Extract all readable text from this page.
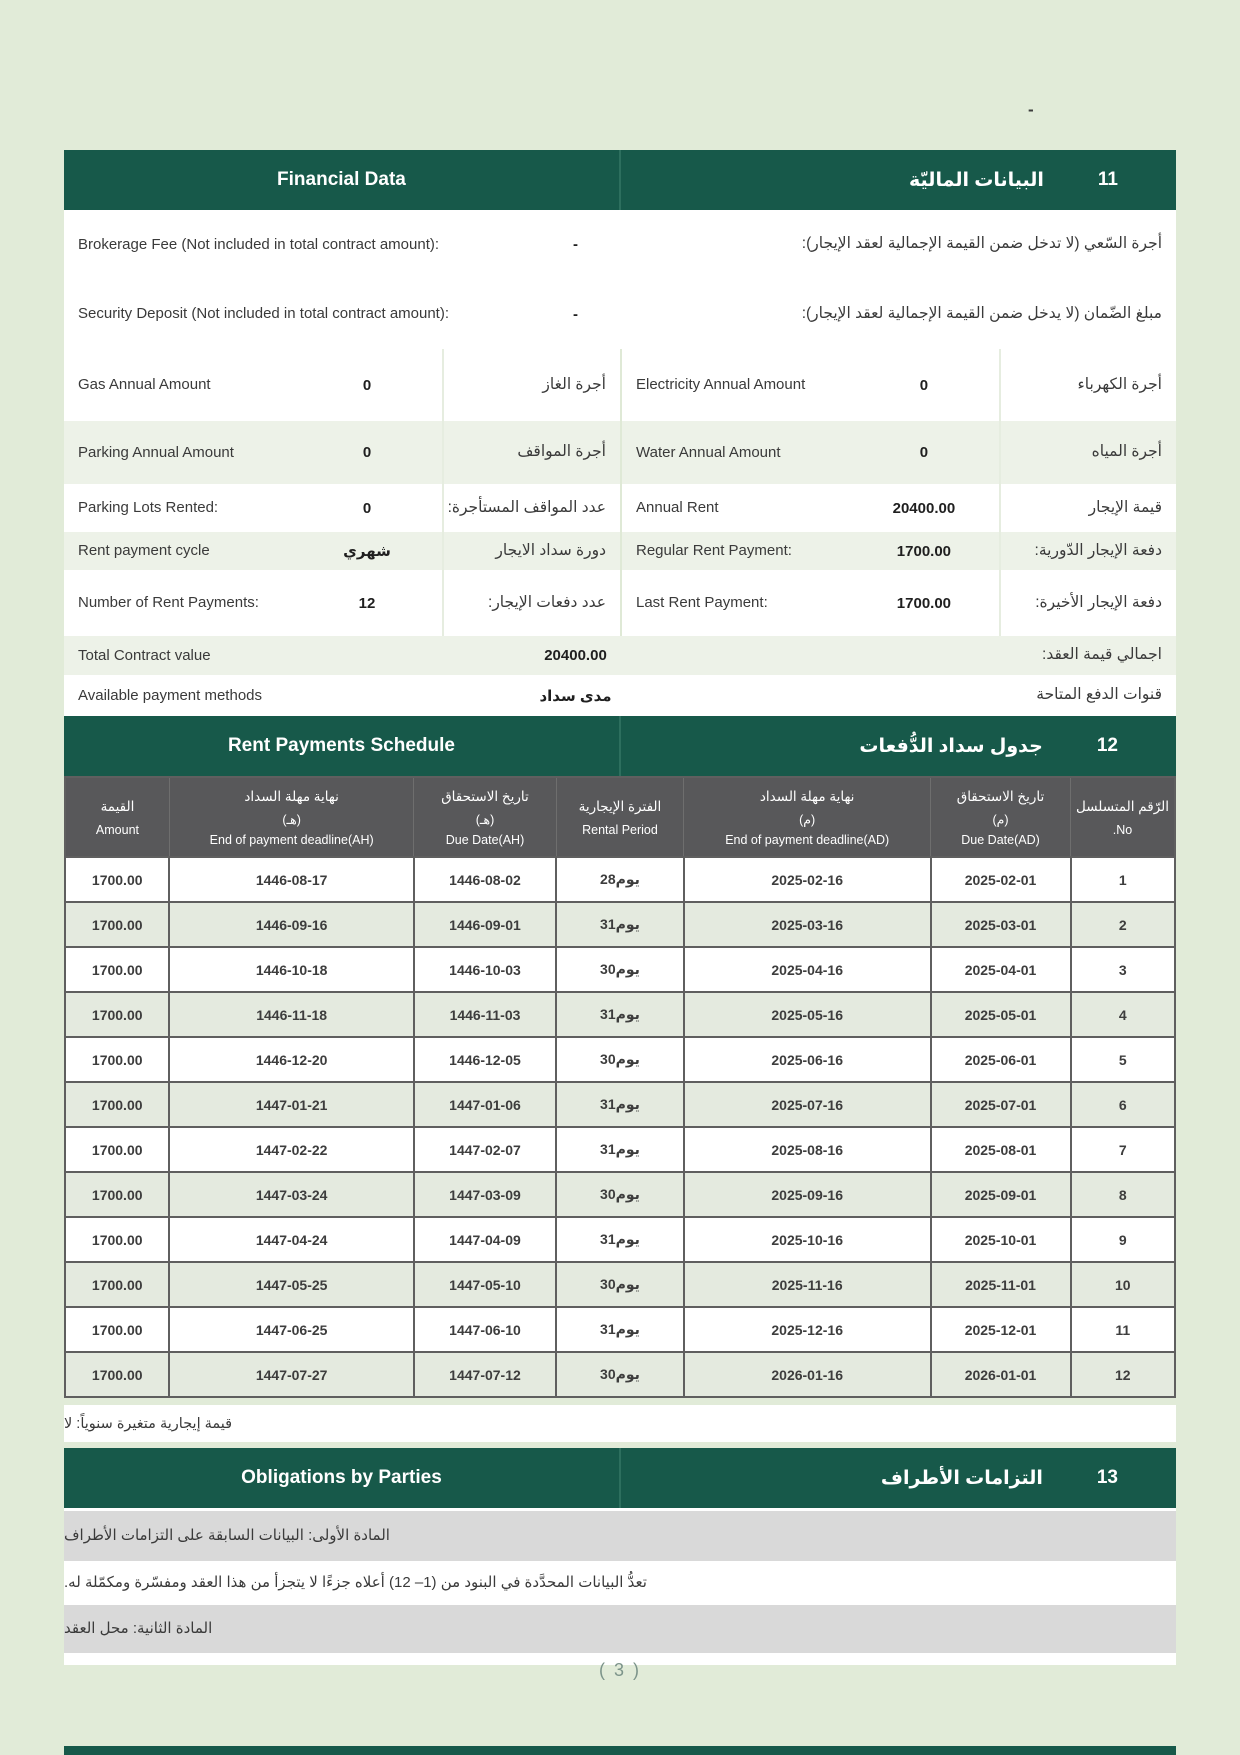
-
Financial Data	11
البيانات الماليّة
Brokerage Fee (Not included in total contract amount):	-	أجرة السّعي (لا تدخل ضمن القيمة الإجمالية لعقد الإيجار):
Security Deposit (Not included in total contract amount):	-	مبلغ الضّمان (لا يدخل ضمن القيمة الإجمالية لعقد الإيجار):
Gas Annual Amount	0	أجرة الغاز	Electricity Annual Amount	0	أجرة الكهرباء
Parking Annual Amount	0	أجرة المواقف	Water Annual Amount	0	أجرة المياه
Parking Lots Rented:	0	عدد المواقف المستأجرة:	Annual Rent	20400.00	قيمة الإيجار
Rent payment cycle	شهري	دورة سداد الايجار	Regular Rent Payment:	1700.00	دفعة الإيجار الدّورية:
Number of Rent Payments:	12	عدد دفعات الإيجار:	Last Rent Payment:	1700.00	دفعة الإيجار الأخيرة:
Total Contract value	20400.00	اجمالي قيمة العقد:
Available payment methods	مدى سداد	قنوات الدفع المتاحة
Rent Payments Schedule	12
جدول سداد الدُّفعات
القيمة
Amount

نهاية مهلة السداد
(هـ)
End of payment deadline(AH)

تاريخ الاستحقاق
(هـ)
Due Date(AH)

الفترة الإيجارية
Rental Period

نهاية مهلة السداد
(م)
End of payment deadline(AD)

تاريخ الاستحقاق
(م)
Due Date(AD)

الرّقم المتسلسل
.No

1700.00	1446-08-17	1446-08-02	28يوم	2025-02-16	2025-02-01	1
1700.00	1446-09-16	1446-09-01	31يوم	2025-03-16	2025-03-01	2
1700.00	1446-10-18	1446-10-03	30يوم	2025-04-16	2025-04-01	3
1700.00	1446-11-18	1446-11-03	31يوم	2025-05-16	2025-05-01	4
1700.00	1446-12-20	1446-12-05	30يوم	2025-06-16	2025-06-01	5
1700.00	1447-01-21	1447-01-06	31يوم	2025-07-16	2025-07-01	6
1700.00	1447-02-22	1447-02-07	31يوم	2025-08-16	2025-08-01	7
1700.00	1447-03-24	1447-03-09	30يوم	2025-09-16	2025-09-01	8
1700.00	1447-04-24	1447-04-09	31يوم	2025-10-16	2025-10-01	9
1700.00	1447-05-25	1447-05-10	30يوم	2025-11-16	2025-11-01	10
1700.00	1447-06-25	1447-06-10	31يوم	2025-12-16	2025-12-01	11
1700.00	1447-07-27	1447-07-12	30يوم	2026-01-16	2026-01-01	12
قيمة إيجارية متغيرة سنوياً: لا
Obligations by Parties	13
التزامات الأطراف
المادة الأولى: البيانات السابقة على التزامات الأطراف
تعدُّ البيانات المحدَّدة في البنود من (1– 12) أعلاه جزءًا لا يتجزأ من هذا العقد ومفسّرة ومكمّلة له.
المادة الثانية: محل العقد
( 3 )
